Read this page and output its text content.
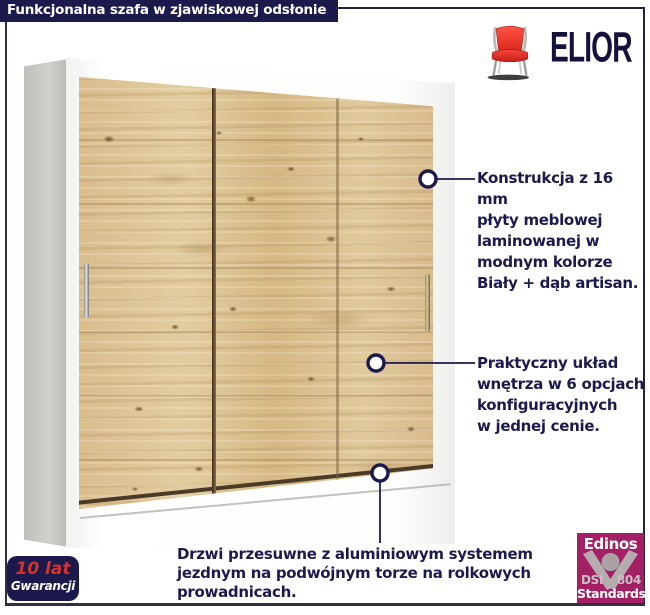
Funkcjonalna szafa w zjawiskowej odsłonie
ELIOR
Konstrukcja z 16 mm
płyty meblowej
laminowanej w
modnym kolorze
Biały + dąb artisan.
Praktyczny układ
wnętrza w 6 opcjach
konfiguracyjnych
w jednej cenie.
Drzwi przesuwne z aluminiowym systemem
jezdnym na podwójnym torze na rolkowych
prowadnicach.
10 lat
Gwarancji
Edinos
DSI 804
Standards
